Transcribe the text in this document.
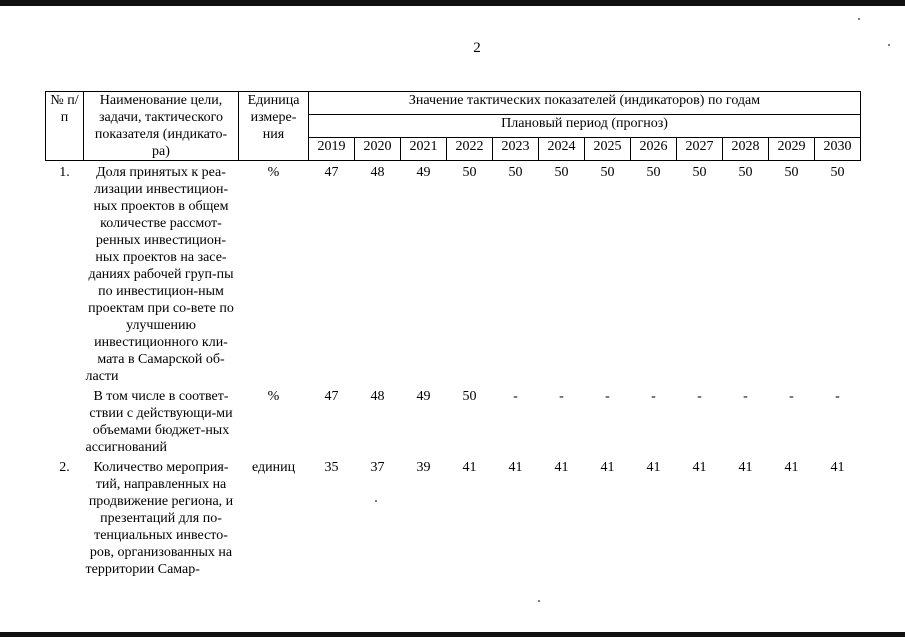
2
№ п/п	Наименование цели, задачи, тактического показателя (индикато-ра)	Единица измере-ния	Значение тактических показателей (индикаторов) по годам											
			Плановый период (прогноз)											
			2019	2020	2021	2022	2023	2024	2025	2026	2027	2028	2029	2030
1.	Доля принятых к реа-лизации инвестицион-ных проектов в общем количестве рассмот-ренных инвестицион-ных проектов на засе-даниях рабочей груп-пы по инвестицион-ным проектам при со-вете по улучшению инвестиционного кли-мата в Самарской об-ласти	%	47	48	49	50	50	50	50	50	50	50	50	50
	В том числе в соответ-ствии с действующи-ми объемами бюджет-ных ассигнований	%	47	48	49	50	-	-	-	-	-	-	-	-
2.	Количество мероприя-тий, направленных на продвижение региона, и презентаций для по-тенциальных инвесто-ров, организованных на территории Самар-	единиц	35	37	39	41	41	41	41	41	41	41	41	41
